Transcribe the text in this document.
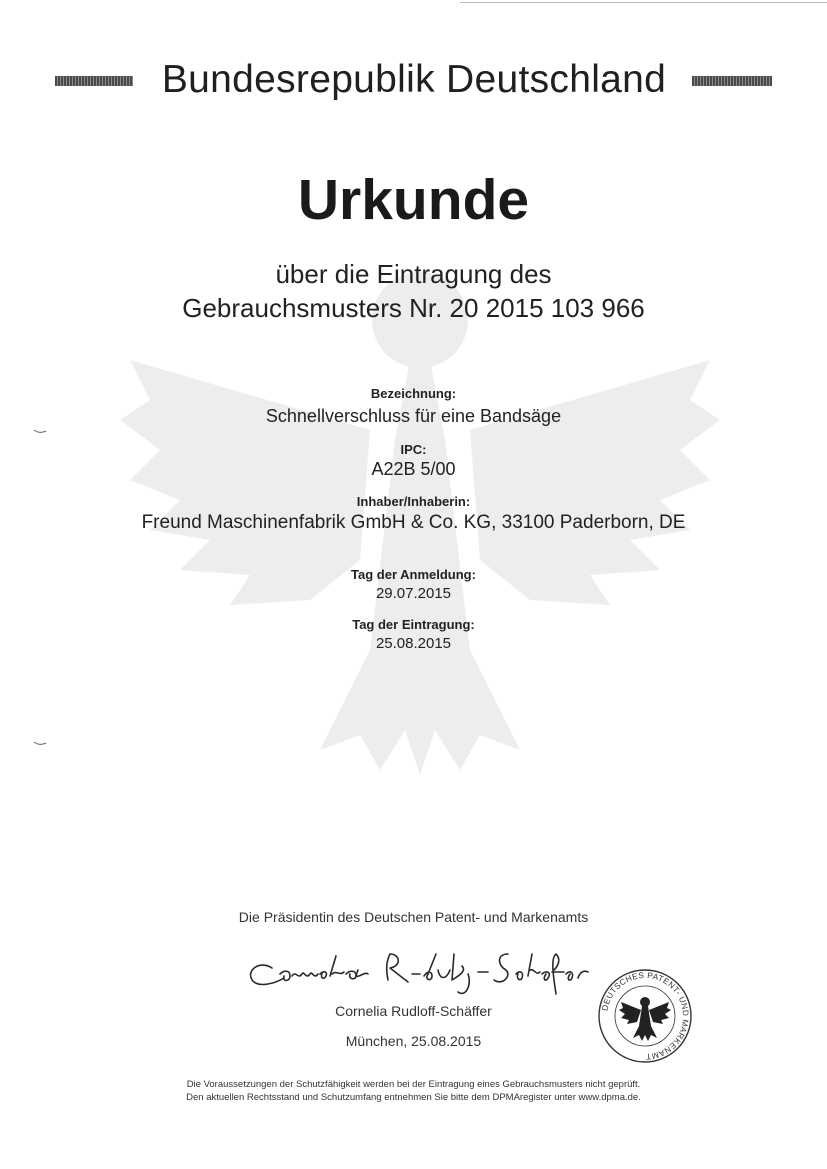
Bundesrepublik Deutschland
Urkunde
über die Eintragung des
Gebrauchsmusters Nr. 20 2015 103 966
Bezeichnung:
Schnellverschluss für eine Bandsäge
IPC:
A22B 5/00
Inhaber/Inhaberin:
Freund Maschinenfabrik GmbH & Co. KG, 33100 Paderborn, DE
Tag der Anmeldung:
29.07.2015
Tag der Eintragung:
25.08.2015
Die Präsidentin des Deutschen Patent- und Markenamts
Cornelia Rudloff-Schäffer
München, 25.08.2015
DEUTSCHES PATENT- UND MARKENAMT
Die Voraussetzungen der Schutzfähigkeit werden bei der Eintragung eines Gebrauchsmusters nicht geprüft.
Den aktuellen Rechtsstand und Schutzumfang entnehmen Sie bitte dem DPMAregister unter www.dpma.de.
